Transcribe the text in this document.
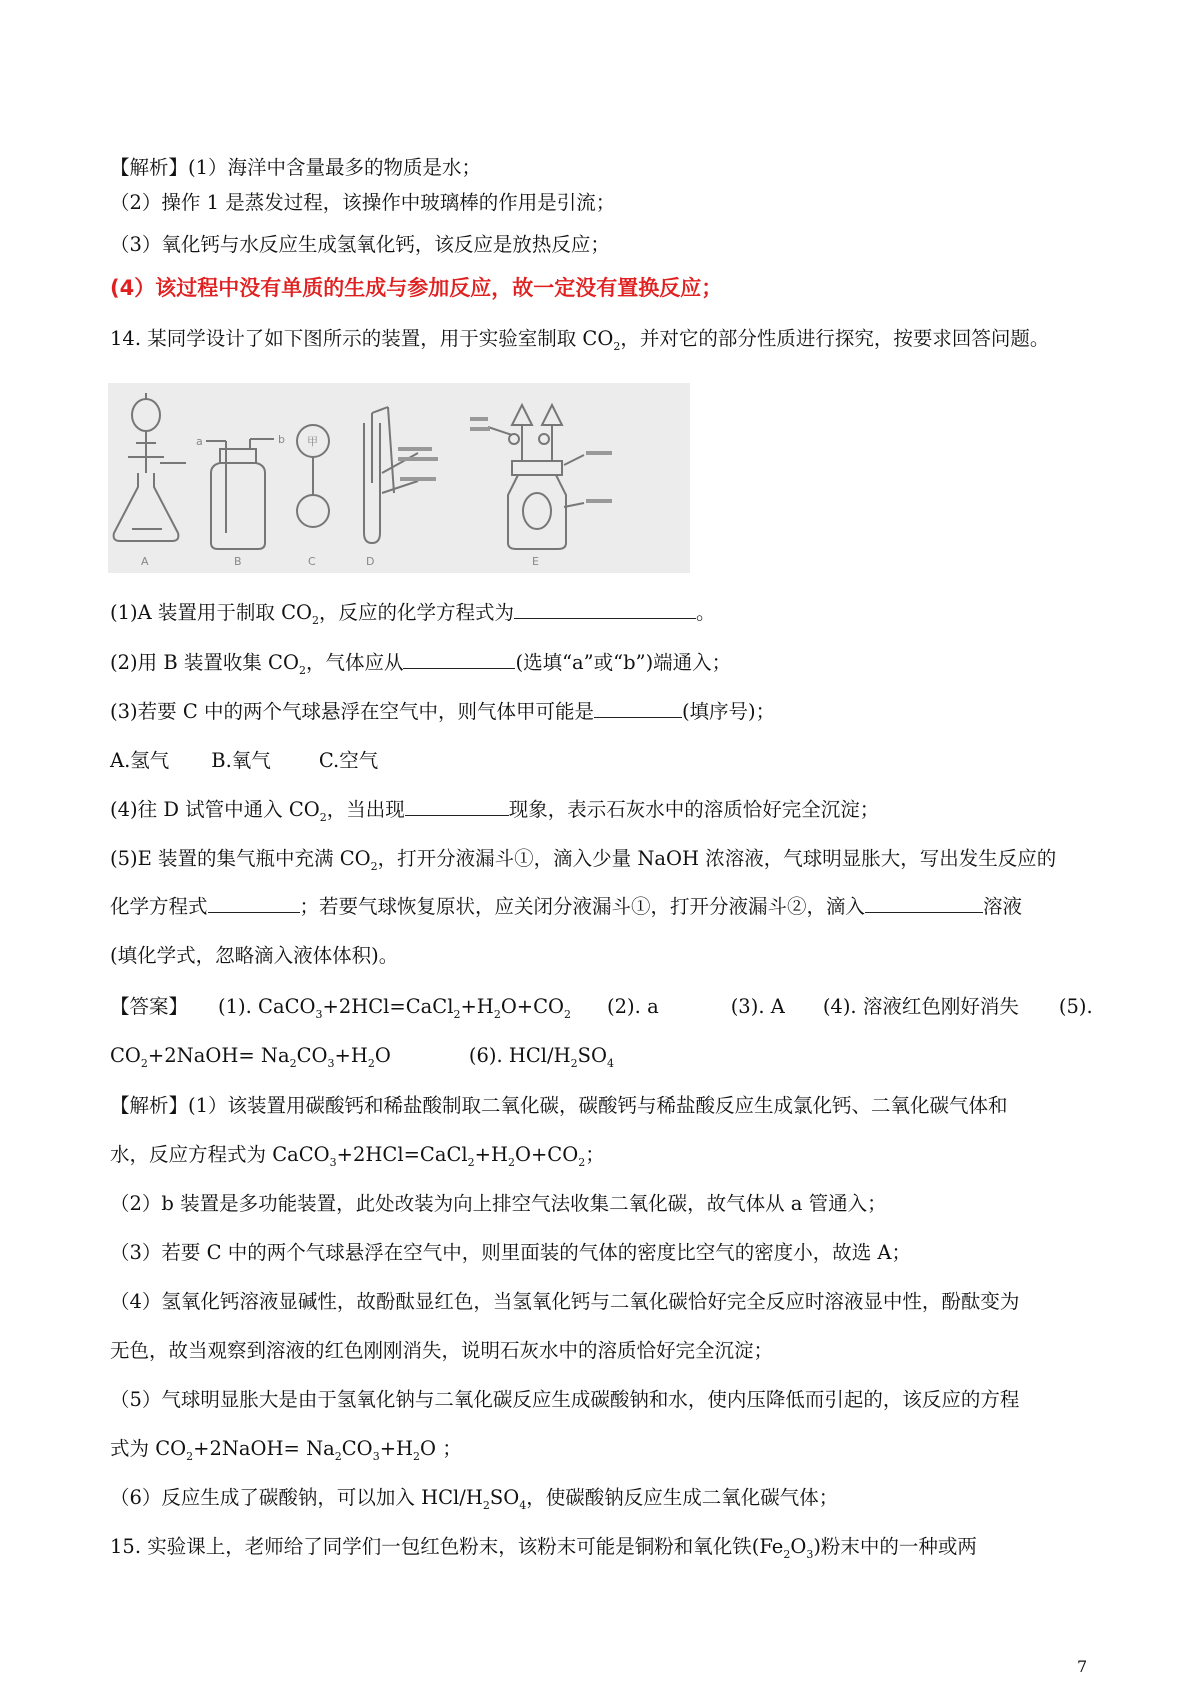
【解析】(1）海洋中含量最多的物质是水；
（2）操作 1 是蒸发过程，该操作中玻璃棒的作用是引流；
（3）氧化钙与水反应生成氢氧化钙，该反应是放热反应；
(4）该过程中没有单质的生成与参加反应，故一定没有置换反应；
14. 某同学设计了如下图所示的装置，用于实验室制取 $CO_2$，并对它的部分性质进行探究，按要求回答问题。
A	B	C	D	E
a	b 甲
(1)A 装置用于制取 $CO_2$，反应的化学方程式为	。
(2)用 B 装置收集 $CO_2$，气体应从	(选填“a”或“b”)端通入；
(3)若要 C 中的两个气球悬浮在空气中，则气体甲可能是	(填序号)；
A.氢气 B.氧气 C.空气
(4)往 D 试管中通入 $CO_2$，当出现	现象，表示石灰水中的溶质恰好完全沉淀；
(5)E 装置的集气瓶中充满 $CO_2$，打开分液漏斗①，滴入少量 NaOH 浓溶液，气球明显胀大，写出发生反应的
化学方程式	；若要气球恢复原状，应关闭分液漏斗①，打开分液漏斗②，滴入	溶液
(填化学式，忽略滴入液体体积)。
【答案】 (1). $CaCO_3+2HCl=CaCl_2+H_2O+CO_2$ (2). a	(3). A (4). 溶液红色刚好消失 (5).
$CO_2+2NaOH= Na_2CO_3+H_2O$	(6). HCl/$H_2SO_4$
【解析】(1）该装置用碳酸钙和稀盐酸制取二氧化碳，碳酸钙与稀盐酸反应生成氯化钙、二氧化碳气体和
水，反应方程式为 $CaCO_3+2HCl=CaCl_2+H_2O+CO_2$；
（2）b 装置是多功能装置，此处改装为向上排空气法收集二氧化碳，故气体从 a 管通入；
（3）若要 C 中的两个气球悬浮在空气中，则里面装的气体的密度比空气的密度小，故选 A；
（4）氢氧化钙溶液显碱性，故酚酞显红色，当氢氧化钙与二氧化碳恰好完全反应时溶液显中性，酚酞变为
无色，故当观察到溶液的红色刚刚消失，说明石灰水中的溶质恰好完全沉淀；
（5）气球明显胀大是由于氢氧化钠与二氧化碳反应生成碳酸钠和水，使内压降低而引起的，该反应的方程
式为 $CO_2+2NaOH= Na_2CO_3+H_2O$ ；
（6）反应生成了碳酸钠，可以加入 HCl/$H_2SO_4$，使碳酸钠反应生成二氧化碳气体；
15. 实验课上，老师给了同学们一包红色粉末，该粉末可能是铜粉和氧化铁$(Fe_2O_3)$粉末中的一种或两
7
